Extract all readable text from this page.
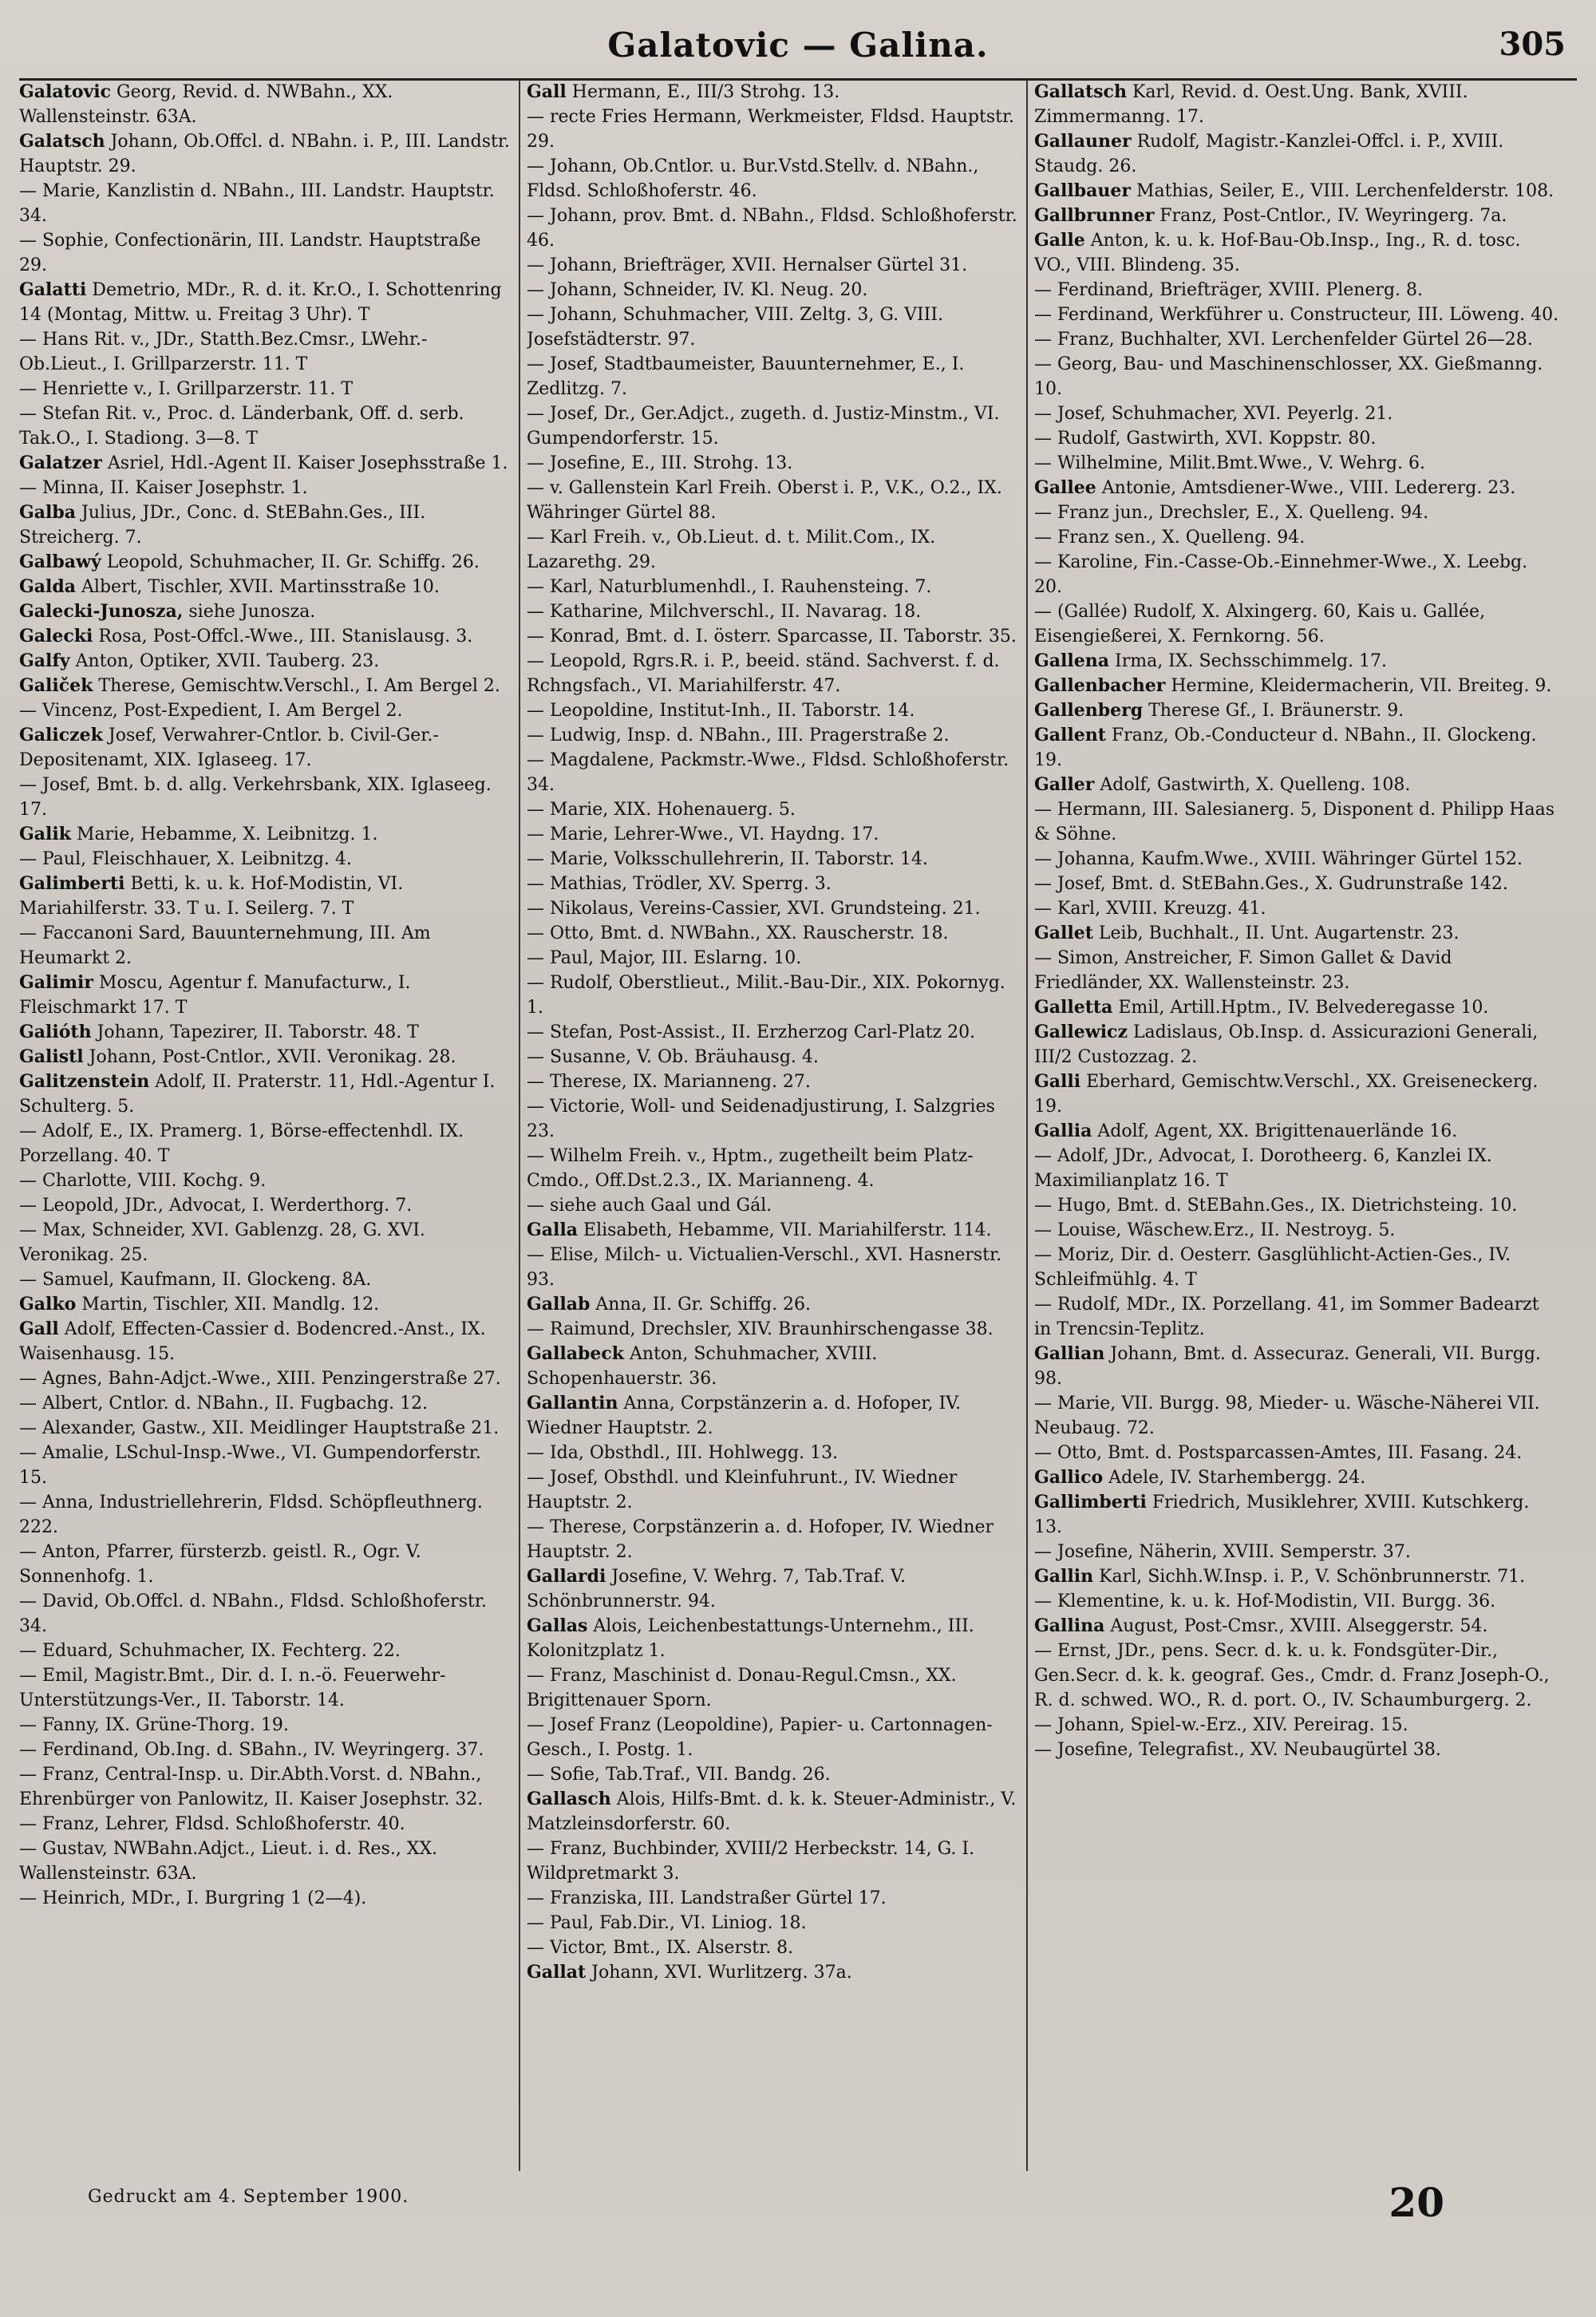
Galatovic — Galina.	305

Galatovic Georg, Revid. d. NWBahn., XX. Wallensteinstr. 63A.

Galatsch Johann, Ob.Offcl. d. NBahn. i. P., III. Landstr. Hauptstr. 29.

— Marie, Kanzlistin d. NBahn., III. Landstr. Hauptstr. 34.

— Sophie, Confectionärin, III. Landstr. Hauptstraße 29.

Galatti Demetrio, MDr., R. d. it. Kr.O., I. Schottenring 14 (Montag, Mittw. u. Freitag 3 Uhr). T

— Hans Rit. v., JDr., Statth.Bez.Cmsr., LWehr.-Ob.Lieut., I. Grillparzerstr. 11. T

— Henriette v., I. Grillparzerstr. 11. T

— Stefan Rit. v., Proc. d. Länderbank, Off. d. serb. Tak.O., I. Stadiong. 3—8. T

Galatzer Asriel, Hdl.-Agent II. Kaiser Josephsstraße 1.

— Minna, II. Kaiser Josephstr. 1.

Galba Julius, JDr., Conc. d. StEBahn.Ges., III. Streicherg. 7.

Galbawý Leopold, Schuhmacher, II. Gr. Schiffg. 26.

Galda Albert, Tischler, XVII. Martinsstraße 10.

Galecki-Junosza, siehe Junosza.

Galecki Rosa, Post-Offcl.-Wwe., III. Stanislausg. 3.

Galfy Anton, Optiker, XVII. Tauberg. 23.

Galiček Therese, Gemischtw.Verschl., I. Am Bergel 2.

— Vincenz, Post-Expedient, I. Am Bergel 2.

Galiczek Josef, Verwahrer-Cntlor. b. Civil-Ger.-Depositenamt, XIX. Iglaseeg. 17.

— Josef, Bmt. b. d. allg. Verkehrsbank, XIX. Iglaseeg. 17.

Galik Marie, Hebamme, X. Leibnitzg. 1.

— Paul, Fleischhauer, X. Leibnitzg. 4.

Galimberti Betti, k. u. k. Hof-Modistin, VI. Mariahilferstr. 33. T u. I. Seilerg. 7. T

— Faccanoni Sard, Bauunternehmung, III. Am Heumarkt 2.

Galimir Moscu, Agentur f. Manufacturw., I. Fleischmarkt 17. T

Galióth Johann, Tapezirer, II. Taborstr. 48. T

Galistl Johann, Post-Cntlor., XVII. Veronikag. 28.

Galitzenstein Adolf, II. Praterstr. 11, Hdl.-Agentur I. Schulterg. 5.

— Adolf, E., IX. Pramerg. 1, Börse-effectenhdl. IX. Porzellang. 40. T

— Charlotte, VIII. Kochg. 9.

— Leopold, JDr., Advocat, I. Werderthorg. 7.

— Max, Schneider, XVI. Gablenzg. 28, G. XVI. Veronikag. 25.

— Samuel, Kaufmann, II. Glockeng. 8A.

Galko Martin, Tischler, XII. Mandlg. 12.

Gall Adolf, Effecten-Cassier d. Bodencred.-Anst., IX. Waisenhausg. 15.

— Agnes, Bahn-Adjct.-Wwe., XIII. Penzingerstraße 27.

— Albert, Cntlor. d. NBahn., II. Fugbachg. 12.

— Alexander, Gastw., XII. Meidlinger Hauptstraße 21.

— Amalie, LSchul-Insp.-Wwe., VI. Gumpendorferstr. 15.

— Anna, Industriellehrerin, Fldsd. Schöpfleuthnerg. 222.

— Anton, Pfarrer, fürsterzb. geistl. R., Ogr. V. Sonnenhofg. 1.

— David, Ob.Offcl. d. NBahn., Fldsd. Schloßhoferstr. 34.

— Eduard, Schuhmacher, IX. Fechterg. 22.

— Emil, Magistr.Bmt., Dir. d. I. n.-ö. Feuerwehr-Unterstützungs-Ver., II. Taborstr. 14.

— Fanny, IX. Grüne-Thorg. 19.

— Ferdinand, Ob.Ing. d. SBahn., IV. Weyringerg. 37.

— Franz, Central-Insp. u. Dir.Abth.Vorst. d. NBahn., Ehrenbürger von Panlowitz, II. Kaiser Josephstr. 32.

— Franz, Lehrer, Fldsd. Schloßhoferstr. 40.

— Gustav, NWBahn.Adjct., Lieut. i. d. Res., XX. Wallensteinstr. 63A.

— Heinrich, MDr., I. Burgring 1 (2—4).

Gall Hermann, E., III/3 Strohg. 13.

— recte Fries Hermann, Werkmeister, Fldsd. Hauptstr. 29.

— Johann, Ob.Cntlor. u. Bur.Vstd.Stellv. d. NBahn., Fldsd. Schloßhoferstr. 46.

— Johann, prov. Bmt. d. NBahn., Fldsd. Schloßhoferstr. 46.

— Johann, Briefträger, XVII. Hernalser Gürtel 31.

— Johann, Schneider, IV. Kl. Neug. 20.

— Johann, Schuhmacher, VIII. Zeltg. 3, G. VIII. Josefstädterstr. 97.

— Josef, Stadtbaumeister, Bauunternehmer, E., I. Zedlitzg. 7.

— Josef, Dr., Ger.Adjct., zugeth. d. Justiz-Minstm., VI. Gumpendorferstr. 15.

— Josefine, E., III. Strohg. 13.

— v. Gallenstein Karl Freih. Oberst i. P., V.K., O.2., IX. Währinger Gürtel 88.

— Karl Freih. v., Ob.Lieut. d. t. Milit.Com., IX. Lazarethg. 29.

— Karl, Naturblumenhdl., I. Rauhensteing. 7.

— Katharine, Milchverschl., II. Navarag. 18.

— Konrad, Bmt. d. I. österr. Sparcasse, II. Taborstr. 35.

— Leopold, Rgrs.R. i. P., beeid. ständ. Sachverst. f. d. Rchngsfach., VI. Mariahilferstr. 47.

— Leopoldine, Institut-Inh., II. Taborstr. 14.

— Ludwig, Insp. d. NBahn., III. Pragerstraße 2.

— Magdalene, Packmstr.-Wwe., Fldsd. Schloßhoferstr. 34.

— Marie, XIX. Hohenauerg. 5.

— Marie, Lehrer-Wwe., VI. Haydng. 17.

— Marie, Volksschullehrerin, II. Taborstr. 14.

— Mathias, Trödler, XV. Sperrg. 3.

— Nikolaus, Vereins-Cassier, XVI. Grundsteing. 21.

— Otto, Bmt. d. NWBahn., XX. Rauscherstr. 18.

— Paul, Major, III. Eslarng. 10.

— Rudolf, Oberstlieut., Milit.-Bau-Dir., XIX. Pokornyg. 1.

— Stefan, Post-Assist., II. Erzherzog Carl-Platz 20.

— Susanne, V. Ob. Bräuhausg. 4.

— Therese, IX. Marianneng. 27.

— Victorie, Woll- und Seidenadjustirung, I. Salzgries 23.

— Wilhelm Freih. v., Hptm., zugetheilt beim Platz-Cmdo., Off.Dst.2.3., IX. Marianneng. 4.

— siehe auch Gaal und Gál.

Galla Elisabeth, Hebamme, VII. Mariahilferstr. 114.

— Elise, Milch- u. Victualien-Verschl., XVI. Hasnerstr. 93.

Gallab Anna, II. Gr. Schiffg. 26.

— Raimund, Drechsler, XIV. Braunhirschengasse 38.

Gallabeck Anton, Schuhmacher, XVIII. Schopenhauerstr. 36.

Gallantin Anna, Corpstänzerin a. d. Hofoper, IV. Wiedner Hauptstr. 2.

— Ida, Obsthdl., III. Hohlwegg. 13.

— Josef, Obsthdl. und Kleinfuhrunt., IV. Wiedner Hauptstr. 2.

— Therese, Corpstänzerin a. d. Hofoper, IV. Wiedner Hauptstr. 2.

Gallardi Josefine, V. Wehrg. 7, Tab.Traf. V. Schönbrunnerstr. 94.

Gallas Alois, Leichenbestattungs-Unternehm., III. Kolonitzplatz 1.

— Franz, Maschinist d. Donau-Regul.Cmsn., XX. Brigittenauer Sporn.

— Josef Franz (Leopoldine), Papier- u. Cartonnagen-Gesch., I. Postg. 1.

— Sofie, Tab.Traf., VII. Bandg. 26.

Gallasch Alois, Hilfs-Bmt. d. k. k. Steuer-Administr., V. Matzleinsdorferstr. 60.

— Franz, Buchbinder, XVIII/2 Herbeckstr. 14, G. I. Wildpretmarkt 3.

— Franziska, III. Landstraßer Gürtel 17.

— Paul, Fab.Dir., VI. Liniog. 18.

— Victor, Bmt., IX. Alserstr. 8.

Gallat Johann, XVI. Wurlitzerg. 37a.

Gallatsch Karl, Revid. d. Oest.Ung. Bank, XVIII. Zimmermanng. 17.

Gallauner Rudolf, Magistr.-Kanzlei-Offcl. i. P., XVIII. Staudg. 26.

Gallbauer Mathias, Seiler, E., VIII. Lerchenfelderstr. 108.

Gallbrunner Franz, Post-Cntlor., IV. Weyringerg. 7a.

Galle Anton, k. u. k. Hof-Bau-Ob.Insp., Ing., R. d. tosc. VO., VIII. Blindeng. 35.

— Ferdinand, Briefträger, XVIII. Plenerg. 8.

— Ferdinand, Werkführer u. Constructeur, III. Löweng. 40.

— Franz, Buchhalter, XVI. Lerchenfelder Gürtel 26—28.

— Georg, Bau- und Maschinenschlosser, XX. Gießmanng. 10.

— Josef, Schuhmacher, XVI. Peyerlg. 21.

— Rudolf, Gastwirth, XVI. Koppstr. 80.

— Wilhelmine, Milit.Bmt.Wwe., V. Wehrg. 6.

Gallee Antonie, Amtsdiener-Wwe., VIII. Ledererg. 23.

— Franz jun., Drechsler, E., X. Quelleng. 94.

— Franz sen., X. Quelleng. 94.

— Karoline, Fin.-Casse-Ob.-Einnehmer-Wwe., X. Leebg. 20.

— (Gallée) Rudolf, X. Alxingerg. 60, Kais u. Gallée, Eisengießerei, X. Fernkorng. 56.

Gallena Irma, IX. Sechsschimmelg. 17.

Gallenbacher Hermine, Kleidermacherin, VII. Breiteg. 9.

Gallenberg Therese Gf., I. Bräunerstr. 9.

Gallent Franz, Ob.-Conducteur d. NBahn., II. Glockeng. 19.

Galler Adolf, Gastwirth, X. Quelleng. 108.

— Hermann, III. Salesianerg. 5, Disponent d. Philipp Haas & Söhne.

— Johanna, Kaufm.Wwe., XVIII. Währinger Gürtel 152.

— Josef, Bmt. d. StEBahn.Ges., X. Gudrunstraße 142.

— Karl, XVIII. Kreuzg. 41.

Gallet Leib, Buchhalt., II. Unt. Augartenstr. 23.

— Simon, Anstreicher, F. Simon Gallet & David Friedländer, XX. Wallensteinstr. 23.

Galletta Emil, Artill.Hptm., IV. Belvederegasse 10.

Gallewicz Ladislaus, Ob.Insp. d. Assicurazioni Generali, III/2 Custozzag. 2.

Galli Eberhard, Gemischtw.Verschl., XX. Greiseneckerg. 19.

Gallia Adolf, Agent, XX. Brigittenauerlände 16.

— Adolf, JDr., Advocat, I. Dorotheerg. 6, Kanzlei IX. Maximilianplatz 16. T

— Hugo, Bmt. d. StEBahn.Ges., IX. Dietrichsteing. 10.

— Louise, Wäschew.Erz., II. Nestroyg. 5.

— Moriz, Dir. d. Oesterr. Gasglühlicht-Actien-Ges., IV. Schleifmühlg. 4. T

— Rudolf, MDr., IX. Porzellang. 41, im Sommer Badearzt in Trencsin-Teplitz.

Gallian Johann, Bmt. d. Assecuraz. Generali, VII. Burgg. 98.

— Marie, VII. Burgg. 98, Mieder- u. Wäsche-Näherei VII. Neubaug. 72.

— Otto, Bmt. d. Postsparcassen-Amtes, III. Fasang. 24.

Gallico Adele, IV. Starhembergg. 24.

Gallimberti Friedrich, Musiklehrer, XVIII. Kutschkerg. 13.

— Josefine, Näherin, XVIII. Semperstr. 37.

Gallin Karl, Sichh.W.Insp. i. P., V. Schönbrunnerstr. 71.

— Klementine, k. u. k. Hof-Modistin, VII. Burgg. 36.

Gallina August, Post-Cmsr., XVIII. Alseggerstr. 54.

— Ernst, JDr., pens. Secr. d. k. u. k. Fondsgüter-Dir., Gen.Secr. d. k. k. geograf. Ges., Cmdr. d. Franz Joseph-O., R. d. schwed. WO., R. d. port. O., IV. Schaumburgerg. 2.

— Johann, Spiel-w.-Erz., XIV. Pereirag. 15.

— Josefine, Telegrafist., XV. Neubaugürtel 38.

Gedruckt am 4. September 1900.	20
